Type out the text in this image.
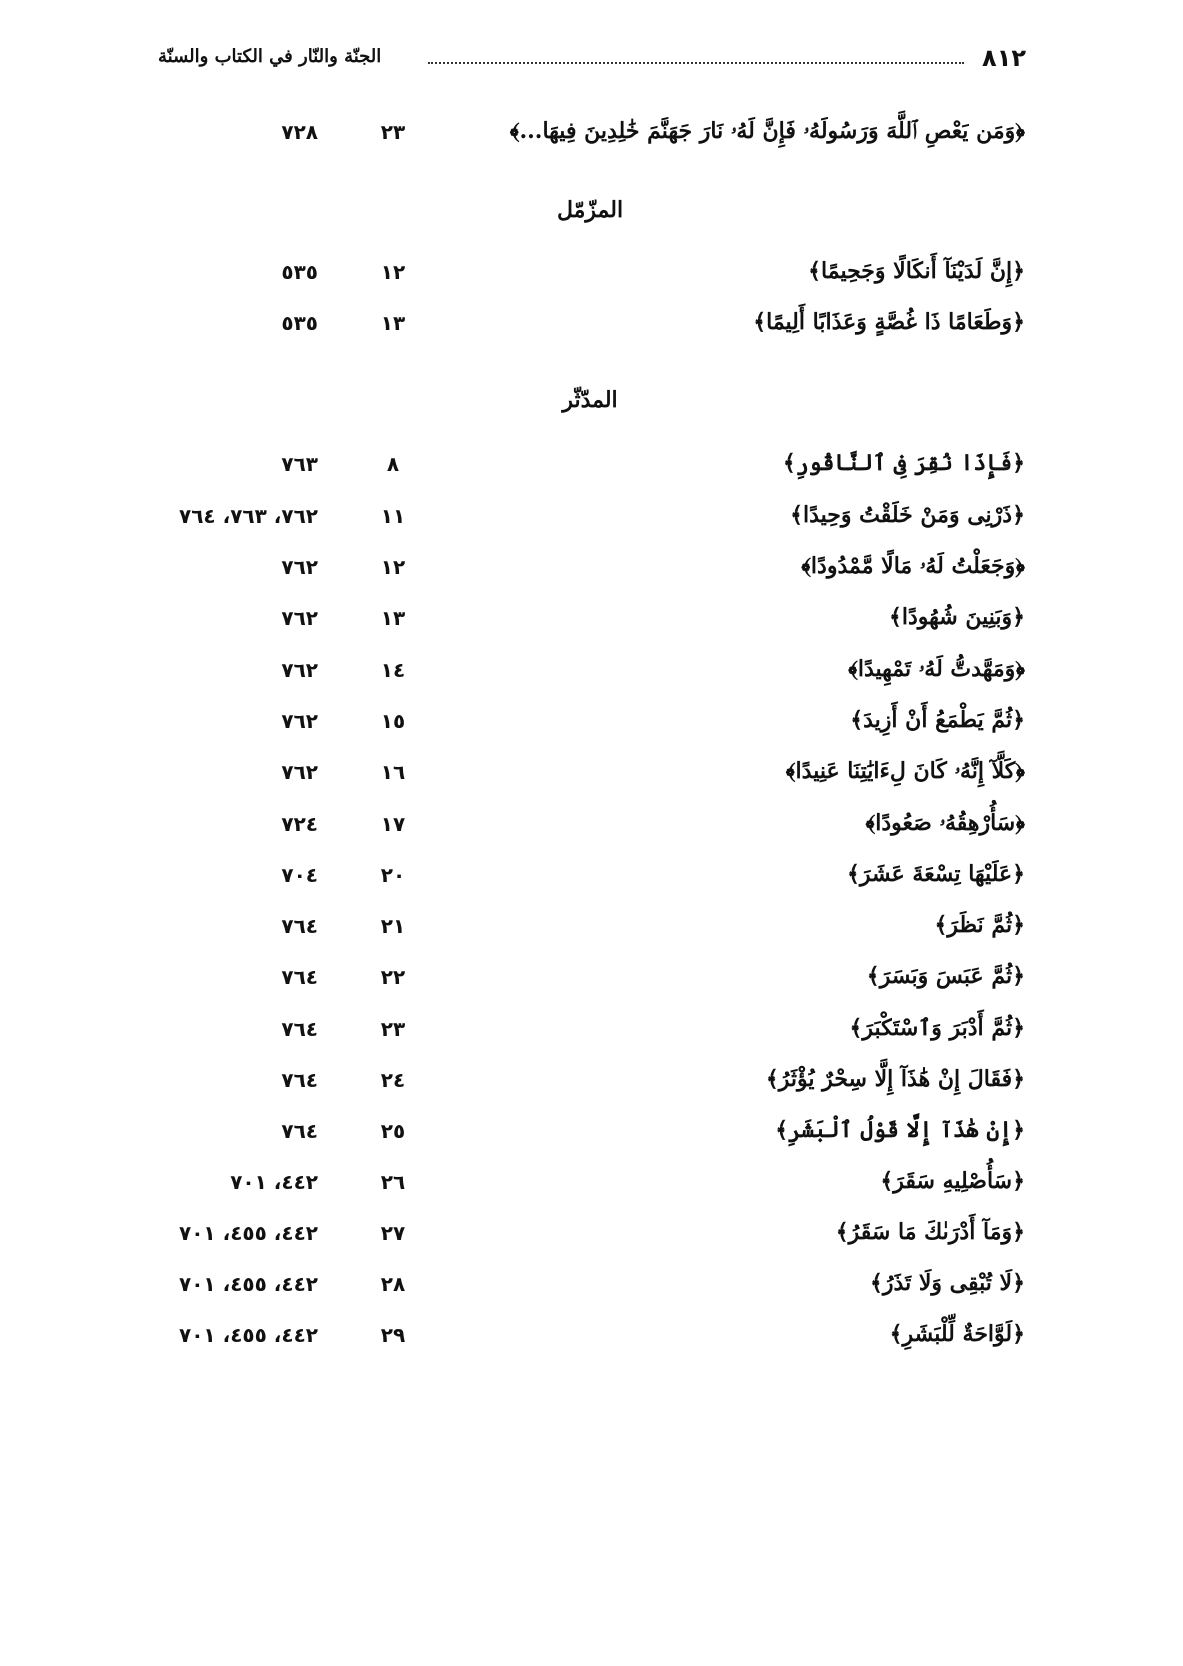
٨١٢
الجنّة والنّار في الكتاب والسنّة
﴿وَمَن يَعْصِ ٱللَّهَ وَرَسُولَهُۥ فَإِنَّ لَهُۥ نَارَ جَهَنَّمَ خَٰلِدِينَ فِيهَا...﴾
٢٣
٧٢٨
المزّمّل
﴿إِنَّ لَدَيْنَآ أَنكَالًا وَجَحِيمًا﴾
١٢
٥٣٥
﴿وَطَعَامًا ذَا غُصَّةٍ وَعَذَابًا أَلِيمًا﴾
١٣
٥٣٥
المدّثّر
﴿فَإِذَا نُقِرَ فِى ٱلنَّاقُورِ﴾
٨
٧٦٣
﴿ذَرْنِى وَمَنْ خَلَقْتُ وَحِيدًا﴾
١١
٧٦٢، ٧٦٣، ٧٦٤
﴿وَجَعَلْتُ لَهُۥ مَالًا مَّمْدُودًا﴾
١٢
٧٦٢
﴿وَبَنِينَ شُهُودًا﴾
١٣
٧٦٢
﴿وَمَهَّدتُّ لَهُۥ تَمْهِيدًا﴾
١٤
٧٦٢
﴿ثُمَّ يَطْمَعُ أَنْ أَزِيدَ﴾
١٥
٧٦٢
﴿كَلَّآ إِنَّهُۥ كَانَ لِءَايَٰتِنَا عَنِيدًا﴾
١٦
٧٦٢
﴿سَأُرْهِقُهُۥ صَعُودًا﴾
١٧
٧٢٤
﴿عَلَيْهَا تِسْعَةَ عَشَرَ﴾
٢٠
٧٠٤
﴿ثُمَّ نَظَرَ﴾
٢١
٧٦٤
﴿ثُمَّ عَبَسَ وَبَسَرَ﴾
٢٢
٧٦٤
﴿ثُمَّ أَدْبَرَ وَٱسْتَكْبَرَ﴾
٢٣
٧٦٤
﴿فَقَالَ إِنْ هَٰذَآ إِلَّا سِحْرٌ يُؤْثَرُ﴾
٢٤
٧٦٤
﴿إِنْ هَٰذَآ إِلَّا قَوْلُ ٱلْبَشَرِ﴾
٢٥
٧٦٤
﴿سَأُصْلِيهِ سَقَرَ﴾
٢٦
٤٤٢، ٧٠١
﴿وَمَآ أَدْرَىٰكَ مَا سَقَرُ﴾
٢٧
٤٤٢، ٤٥٥، ٧٠١
﴿لَا تُبْقِى وَلَا تَذَرُ﴾
٢٨
٤٤٢، ٤٥٥، ٧٠١
﴿لَوَّاحَةٌ لِّلْبَشَرِ﴾
٢٩
٤٤٢، ٤٥٥، ٧٠١
